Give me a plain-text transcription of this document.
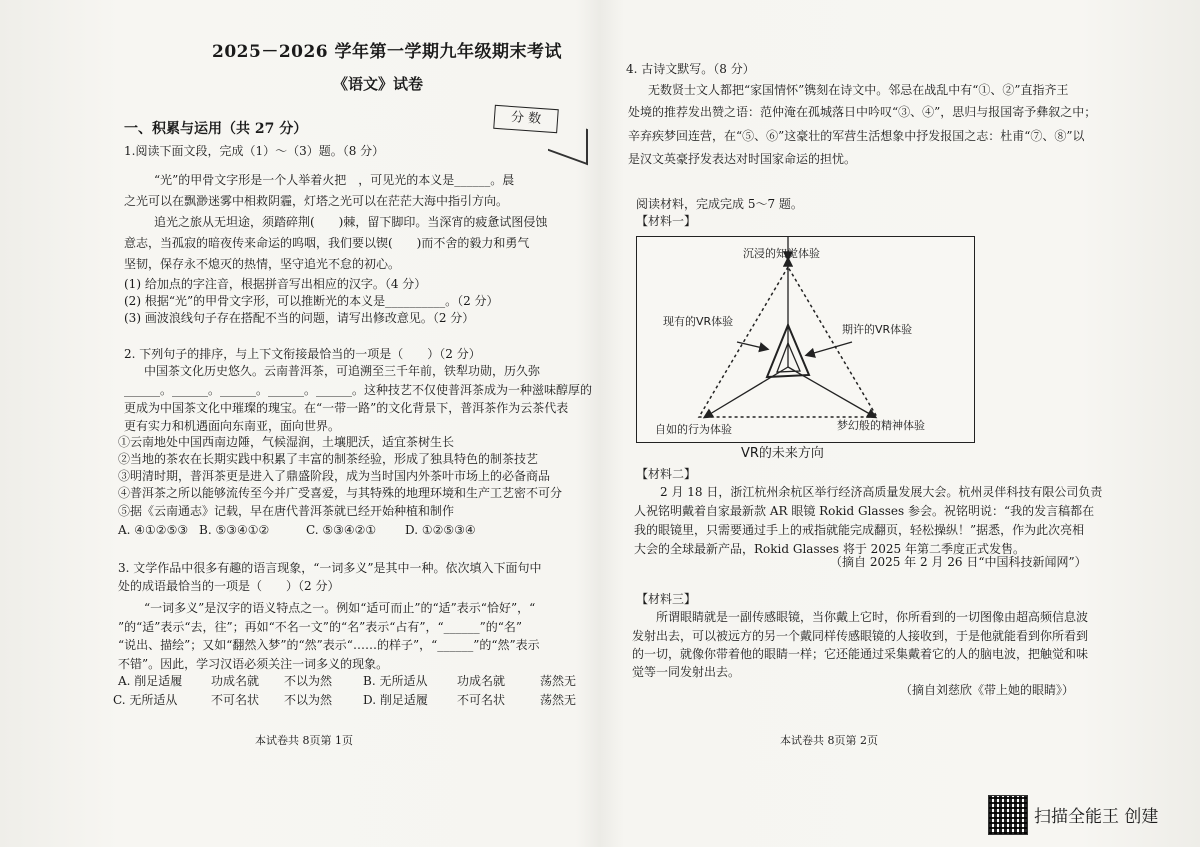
2025－2026 学年第一学期九年级期末考试
《语文》试卷
分 数
一、积累与运用（共 27 分）
1.阅读下面文段，完成（1）～（3）题。（8 分）
“光”的甲骨文字形是一个人举着火把　，可见光的本义是______。晨
之光可以在飘渺迷雾中相救阴霾，灯塔之光可以在茫茫大海中指引方向。
追光之旅从无坦途，须踏碎荆(　　)棘，留下脚印。当深宵的疲惫试图侵蚀
意志，当孤寂的暗夜传来命运的呜咽，我们要以锲(　　)而不舍的毅力和勇气
坚韧，保存永不熄灭的热情，坚守追光不怠的初心。
(1) 给加点的字注音，根据拼音写出相应的汉字。（4 分）
(2) 根据“光”的甲骨文字形，可以推断光的本义是__________。（2 分）
(3) 画波浪线句子存在搭配不当的问题，请写出修改意见。（2 分）
2. 下列句子的排序，与上下文衔接最恰当的一项是（　　）（2 分）
中国茶文化历史悠久。云南普洱茶，可追溯至三千年前，铁犁功勋，历久弥
______。______。______。______。______。这种技艺不仅使普洱茶成为一种滋味醇厚的
更成为中国茶文化中璀璨的瑰宝。在“一带一路”的文化背景下，普洱茶作为云茶代表
更有实力和机遇面向东南亚，面向世界。
①云南地处中国西南边陲，气候湿润，土壤肥沃，适宜茶树生长
②当地的茶农在长期实践中积累了丰富的制茶经验，形成了独具特色的制茶技艺
③明清时期，普洱茶更是进入了鼎盛阶段，成为当时国内外茶叶市场上的必备商品
④普洱茶之所以能够流传至今并广受喜爱，与其特殊的地理环境和生产工艺密不可分
⑤据《云南通志》记载，早在唐代普洱茶就已经开始种植和制作
A. ④①②⑤③ B. ⑤③④①②	C. ⑤③④②① D. ①②⑤③④
3. 文学作品中很多有趣的语言现象，“一词多义”是其中一种。依次填入下面句中
处的成语最恰当的一项是（　　）（2 分）
“一词多义”是汉字的语义特点之一。例如“适可而止”的“适”表示“恰好”，“
”的“适”表示“去，往”；再如“不名一文”的“名”表示“占有”，“______”的“名”
“说出、描绘”；又如“翻然入梦”的“然”表示“……的样子”，“______”的“然”表示
不错”。因此，学习汉语必须关注一词多义的现象。
A. 削足适履 功成名就 不以为然	B. 无所适从 功成名就	荡然无
C. 无所适从	不可名状 不以为然	D. 削足适履 不可名状	荡然无
本试卷共 8页第 1页
4. 古诗文默写。（8 分）
无数贤士文人都把“家国情怀”镌刻在诗文中。邻忌在战乱中有“①、②”直指齐王
处境的推荐发出赞之语：范仲淹在孤城落日中吟叹“③、④”，思归与报国寄予彝叙之中；
辛弃疾梦回连营，在“⑤、⑥”这豪壮的军营生活想象中抒发报国之志：杜甫“⑦、⑧”以
是汉文英豪抒发表达对时国家命运的担忧。
阅读材料，完成完成 5～7 题。
【材料一】
沉浸的知觉体验
现有的VR体验
期许的VR体验
自如的行为体验	梦幻般的精神体验
VR的未来方向
【材料二】
2 月 18 日，浙江杭州余杭区举行经济高质量发展大会。杭州灵伴科技有限公司负责
人祝铭明戴着自家最新款 AR 眼镜 Rokid Glasses 参会。祝铭明说：“我的发言稿都在
我的眼镜里，只需要通过手上的戒指就能完成翻页，轻松操纵！”据悉，作为此次亮相
大会的全球最新产品，Rokid Glasses 将于 2025 年第二季度正式发售。
（摘自 2025 年 2 月 26 日“中国科技新闻网”）
【材料三】
所谓眼睛就是一副传感眼镜，当你戴上它时，你所看到的一切图像由超高频信息波
发射出去，可以被远方的另一个戴同样传感眼镜的人接收到，于是他就能看到你所看到
的一切，就像你带着他的眼睛一样；它还能通过采集戴着它的人的脑电波，把触觉和味
觉等一同发射出去。
（摘自刘慈欣《带上她的眼睛》）
本试卷共 8页第 2页
扫描全能王 创建
